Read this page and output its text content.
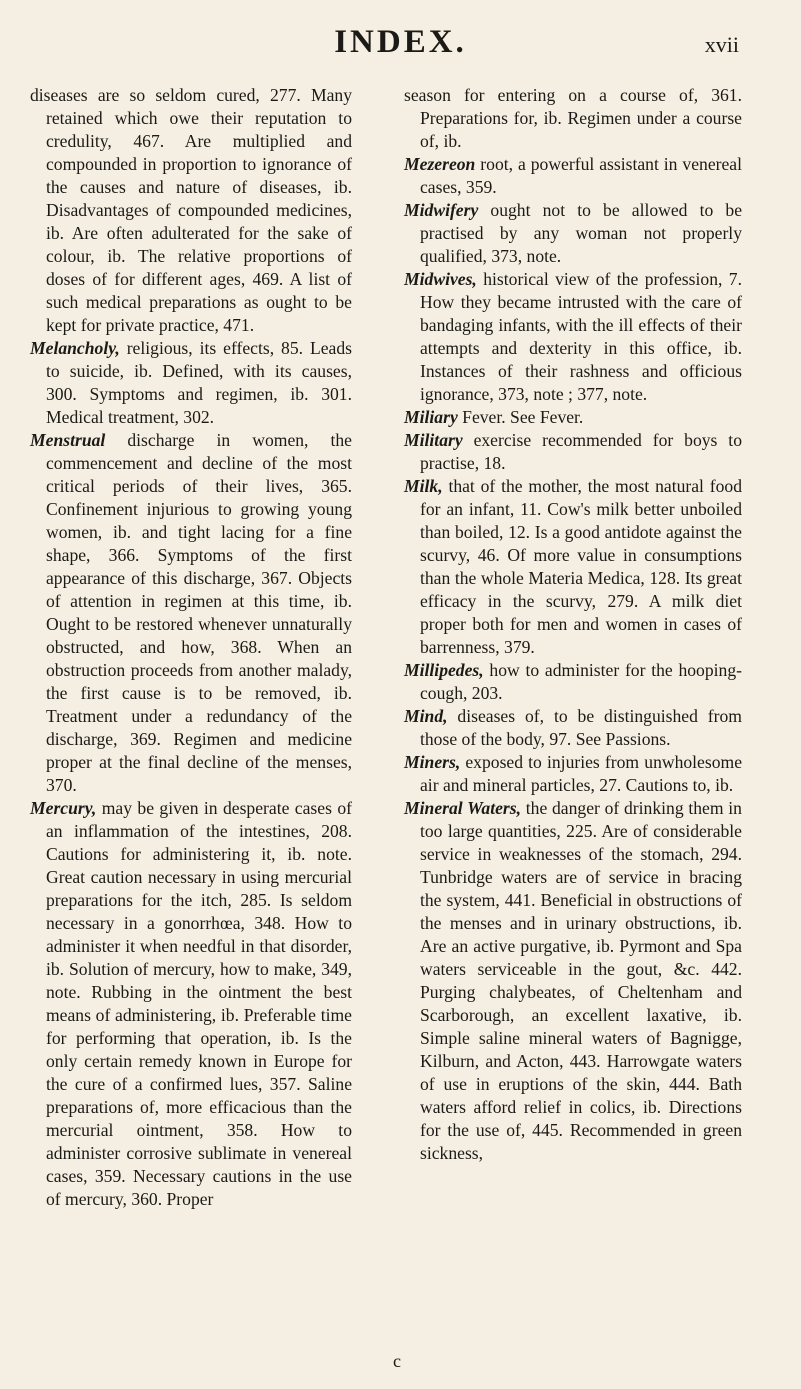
INDEX.	xvii

diseases are so seldom cured, 277. Many retained which owe their reputation to credulity, 467. Are multiplied and compounded in proportion to ignorance of the causes and nature of diseases, ib. Disadvantages of compounded medicines, ib. Are often adulterated for the sake of colour, ib. The relative proportions of doses of for different ages, 469. A list of such medical preparations as ought to be kept for private practice, 471.

Melancholy, religious, its effects, 85. Leads to suicide, ib. Defined, with its causes, 300. Symptoms and regimen, ib. 301. Medical treatment, 302.

Menstrual discharge in women, the commencement and decline of the most critical periods of their lives, 365. Confinement injurious to growing young women, ib. and tight lacing for a fine shape, 366. Symptoms of the first appearance of this discharge, 367. Objects of attention in regimen at this time, ib. Ought to be restored whenever unnaturally obstructed, and how, 368. When an obstruction proceeds from another malady, the first cause is to be removed, ib. Treatment under a redundancy of the discharge, 369. Regimen and medicine proper at the final decline of the menses, 370.

Mercury, may be given in desperate cases of an inflammation of the intestines, 208. Cautions for administering it, ib. note. Great caution necessary in using mercurial preparations for the itch, 285. Is seldom necessary in a gonorrhœa, 348. How to administer it when needful in that disorder, ib. Solution of mercury, how to make, 349, note. Rubbing in the ointment the best means of administering, ib. Preferable time for performing that operation, ib. Is the only certain remedy known in Europe for the cure of a confirmed lues, 357. Saline preparations of, more efficacious than the mercurial ointment, 358. How to administer corrosive sublimate in venereal cases, 359. Necessary cautions in the use of mercury, 360. Proper

season for entering on a course of, 361. Preparations for, ib. Regimen under a course of, ib.

Mezereon root, a powerful assistant in venereal cases, 359.

Midwifery ought not to be allowed to be practised by any woman not properly qualified, 373, note.

Midwives, historical view of the profession, 7. How they became intrusted with the care of bandaging infants, with the ill effects of their attempts and dexterity in this office, ib. Instances of their rashness and officious ignorance, 373, note ; 377, note.

Miliary Fever. See Fever.

Military exercise recommended for boys to practise, 18.

Milk, that of the mother, the most natural food for an infant, 11. Cow's milk better unboiled than boiled, 12. Is a good antidote against the scurvy, 46. Of more value in consumptions than the whole Materia Medica, 128. Its great efficacy in the scurvy, 279. A milk diet proper both for men and women in cases of barrenness, 379.

Millipedes, how to administer for the hooping-cough, 203.

Mind, diseases of, to be distinguished from those of the body, 97. See Passions.

Miners, exposed to injuries from unwholesome air and mineral particles, 27. Cautions to, ib.

Mineral Waters, the danger of drinking them in too large quantities, 225. Are of considerable service in weaknesses of the stomach, 294. Tunbridge waters are of service in bracing the system, 441. Beneficial in obstructions of the menses and in urinary obstructions, ib. Are an active purgative, ib. Pyrmont and Spa waters serviceable in the gout, &c. 442. Purging chalybeates, of Cheltenham and Scarborough, an excellent laxative, ib. Simple saline mineral waters of Bagnigge, Kilburn, and Acton, 443. Harrowgate waters of use in eruptions of the skin, 444. Bath waters afford relief in colics, ib. Directions for the use of, 445. Recommended in green sickness,

c
